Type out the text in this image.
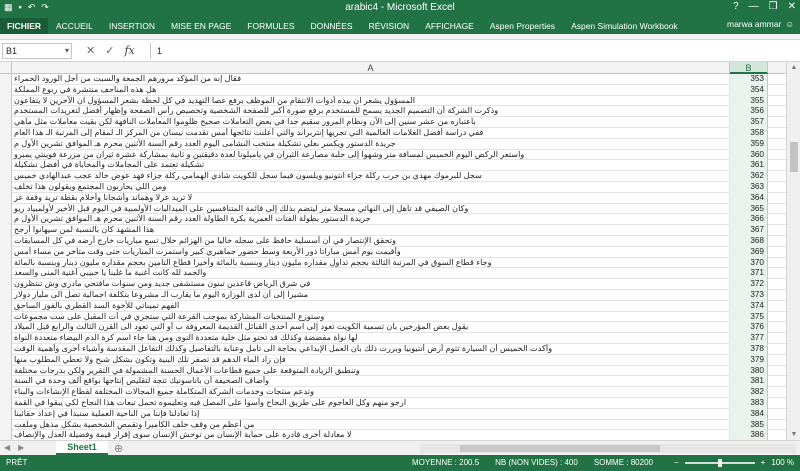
▦ ▪ ↶ ↷	arabic4 - Microsoft Excel	? — ❐ ✕
FICHIER	ACCUEIL	INSERTION	MISE EN PAGE	FORMULES	DONNÉES	RÉVISION	AFFICHAGE	Aspen Properties	Aspen Simulation Workbook	marwa ammar ☺
B1	▾ ✕ ✓ fx	1
A	B
فقال إنه من المؤكد مرورهم الجمعة والسبت من أجل الورود الحمراء	353
هل هذه المناحف منتشرة في ربوع المملكة	354
المسؤول يشعر ان بيده أدوات الانتقام من الموظف برفع عصا التهديد في كل لحظة بشعر المسؤول ان الآخرين لا يتفاعون	355
وذكرت الشركة أن التصميم الجديد يسمح للمستخدم برفع صورة أكبر للصفحة الشخصية وتخصيص رأس الصفحة وإظهار أفضل لتغريدات المستخدم	356
باعتباره من عشر سنين إلى الآن ونظام المرور سقيم جدا في بعض التعاملات صحيح ظلوموا المعاملات النافهة لكن بقيت معاملات مثل ماهي	357
ففي دراسة أفضل العلامات العالمية التي تجريها إنتربراند والتي أعلنت نتائجها أمس تقدمت نيسان من المركز الـ لمقام إلى المرتبة الـ هذا العام	358
جريدة الدستور ويكسر بعلي تشكيلة منتخب النشامى اليوم العدد رقم السنة الأثنين محرم هـ الموافق تشرين الأول م	359
واستعر الركض اليوم الخميس لمسافة متر وشهوا إلى حلبة مصارعة الثيران في بامبلونا لعدة دقيقتين و ثانية بمشاركة عشرة ثيران من مزرعة فوينتي يمبرو	360
تشكيلة تعتمد على المجاملات والمحاباة في أفضل تشكيلة	361
سجل للبرموك مهدي بن حرب ركلة جزاء انتونيو ويلسون فيما سجل للكويت شادي الهمامي ركلة جزاء فهد عوض خالد عجب عبدالهادي خميس	362
ومن اللي يحاربون المجتمع ويقولون هذا تخلف	363
لا تريد عرلا وهماند وأشجانا وأحلام بقطة تريد وقفة عز	364
وكان الصيفي قد تأهل إلى النهائي مسجلا متر ليتضم بذلك إلى قائمة المتنافسين على الميداليات الأولمبية في اليوم قبل الأخير لأولمبياد ريو	365
جريدة الدستور بطولة الفتات العمرية بكرة الطاولة العدد رقم السنة الأثنين محرم هـ الموافق تشرين الأول م	366
هذا المشهد كان بالنسبة لمن سيهانوا أرجح	367
وتحقق الإنتصار في أن أسسلية حافظ على سجله خاليا من الهزائم خلال تسع مباريات خارج أرضه في كل المسابقات	368
وأقيمت يوم أمس مباراتا دور الأربعة وسط حضور جماهيري كبير واستمرت المباريات حتى وقت متأخر من مساء أمس	369
وجاء قطاع السوق في المرتبة الثالثة بحجم تداول مقداره مليون دينار وبنسبة بالمائة وأخيرا قطاع التأمين بحجم مقداره مليون دينار وبنسبة بالمائة	370
والحمد لله كانت أغنية ما غلينا يا حبيبي أغنية المنى والسعد	371
في شرق الرياض قاعدين تبنون مستشفى جديد ومن سنوات مافتحي مادري وش تنتظرون	372
مشيرا إلى أن لدى الوزارة اليوم ما يقارب الـ مشروعا بتكلفة اجمالية تصل الى مليار دولار	373
الفهم تميناتي للأخوة السد القطري بالفوز الساحق	374
وستوزع المنتخبات المشاركة بموجب القرعة التي ستجري في أت المقبل على ست مجموعات	375
يقول بعض المؤرخين بأن تسمية الكويت تعود إلى اسم أحدى القبائل القديمة المعروفة ب أو التي تعود الى القرن الثالث والرابع قبل الميلاد	376
لها نواة مفضضة وكذلك قد تحتو مثل خلية متعددة النوى ومن هنا جاء اسم كرة الدم البيضاء متعددة النواة	377
وأكدت الخميس أن السيارة تتوم أرض أنتيوبيا وبررت ذلك بأن العمل الإبداعي بحاجة الى تأمل وعناية بالتفاصيل وكذلك التفاعل المقدسة وأشياء أخرى وأهمية الوقت	378
فإن زاد الماء الدهم قد تصفر تلك البنية وتكون بشكل شبح ولا تعطي المطلوب منها	379
وتنطبق الزيادة المتوقعة على جميع قطاعات الأعمال الحسنة المشمولة في التقرير ولكن بدرجات مختلفة	380
وأضاف الصحيفة أن باناسونيك تتجه لتقليص إنتاجها بواقع ألف وحدة في السنة	381
وتدعم منتجات وخدمات الشركة المتكاملة جميع المجالات المختلفة لقطاع الإنشاءات والبناء	382
ارجو منهم وكل العاجوم على طريق البحاح وأسوا على المصل فيه وتعليموه تحمل تبعات هذا النجاح لكي يبقوا في القمة	383
إذا تعادلنا فإننا من الناحية العملية سنبدأ في إعداد حقائبنا	384
من أعظم من وقف خلف الكاميرا وتقمص الشخصية بشكل مذهل وملفت	385
لا معادلة أخرى قادرة على حماية الإنسان من توحش الإنسان سوى إقرار قيمة وفضيلة العدل والإنصاف	386
▲
▼
◀ ▶	Sheet1	⊕
PRÊT	MOYENNE : 200.5 NB (NON VIDES) : 400 SOMME : 80200	−	+ 100 %
